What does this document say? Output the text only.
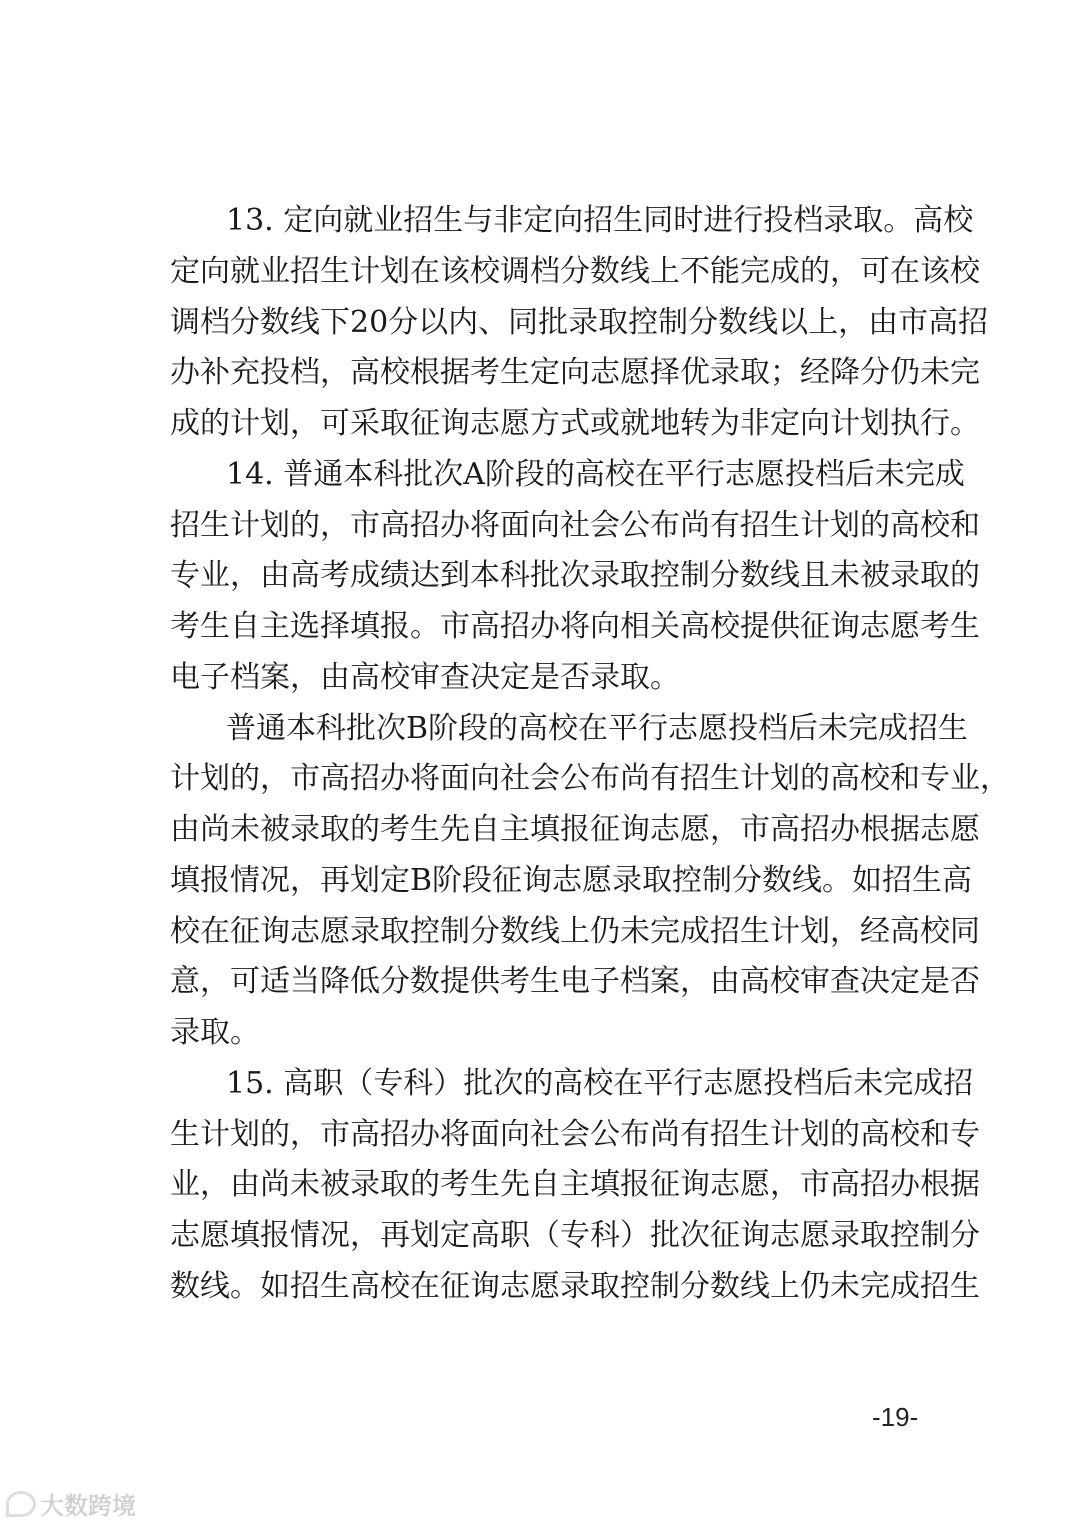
13. 定向就业招生与非定向招生同时进行投档录取。高校
定向就业招生计划在该校调档分数线上不能完成的，可在该校
调档分数线下20分以内、同批录取控制分数线以上，由市高招
办补充投档，高校根据考生定向志愿择优录取；经降分仍未完
成的计划，可采取征询志愿方式或就地转为非定向计划执行。
14. 普通本科批次A阶段的高校在平行志愿投档后未完成
招生计划的，市高招办将面向社会公布尚有招生计划的高校和
专业，由高考成绩达到本科批次录取控制分数线且未被录取的
考生自主选择填报。市高招办将向相关高校提供征询志愿考生
电子档案，由高校审查决定是否录取。
普通本科批次B阶段的高校在平行志愿投档后未完成招生
计划的，市高招办将面向社会公布尚有招生计划的高校和专业，
由尚未被录取的考生先自主填报征询志愿，市高招办根据志愿
填报情况，再划定B阶段征询志愿录取控制分数线。如招生高
校在征询志愿录取控制分数线上仍未完成招生计划，经高校同
意，可适当降低分数提供考生电子档案，由高校审查决定是否
录取。
15. 高职（专科）批次的高校在平行志愿投档后未完成招
生计划的，市高招办将面向社会公布尚有招生计划的高校和专
业，由尚未被录取的考生先自主填报征询志愿，市高招办根据
志愿填报情况，再划定高职（专科）批次征询志愿录取控制分
数线。如招生高校在征询志愿录取控制分数线上仍未完成招生
-19-
大数跨境
